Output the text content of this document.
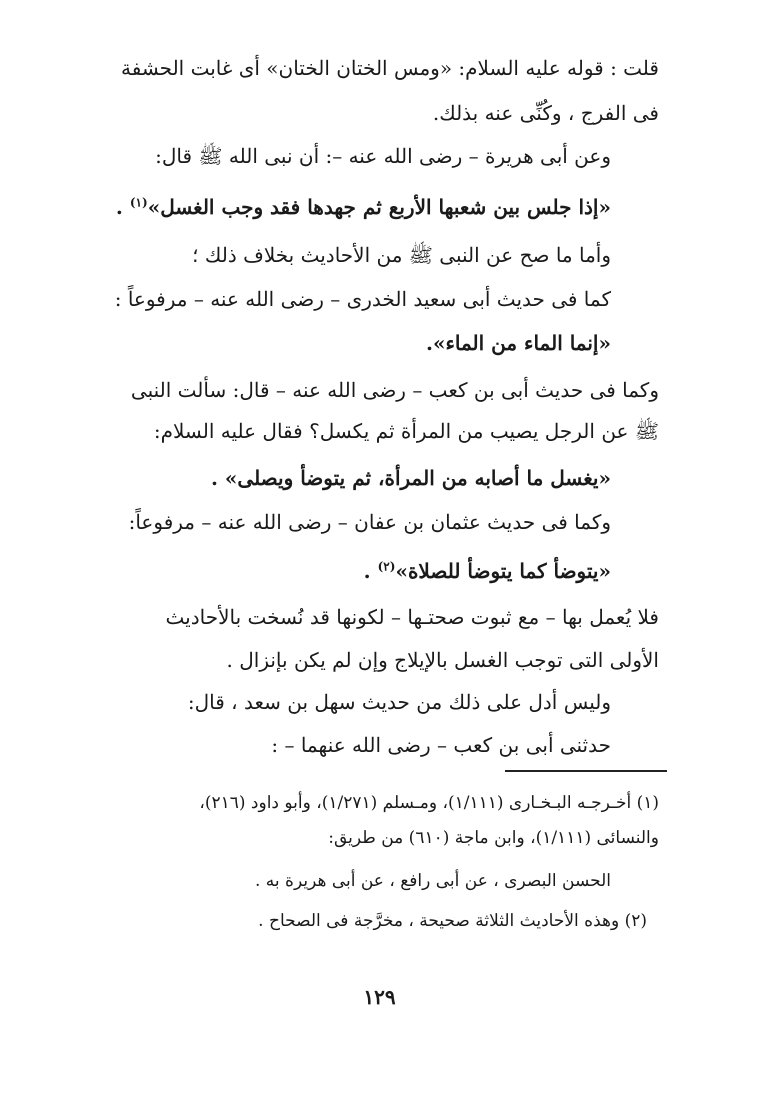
قلت : قوله عليه السلام: «ومس الختان الختان» أى غابت الحشفة
فى الفرج ، وكُنِّى عنه بذلك.
وعن أبى هريرة – رضى الله عنه –: أن نبى الله ﷺ قال:
«إذا جلس بين شعبها الأربع ثم جهدها فقد وجب الغسل»$^{(١)}$ .
وأما ما صح عن النبى ﷺ من الأحاديث بخلاف ذلك ؛
كما فى حديث أبى سعيد الخدرى – رضى الله عنه – مرفوعاً :
«إنما الماء من الماء».
وكما فى حديث أبى بن كعب – رضى الله عنه – قال: سألت النبى
ﷺ عن الرجل يصيب من المرأة ثم يكسل؟ فقال عليه السلام:
«يغسل ما أصابه من المرأة، ثم يتوضأ ويصلى» .
وكما فى حديث عثمان بن عفان – رضى الله عنه – مرفوعاً:
«يتوضأ كما يتوضأ للصلاة»$^{(٢)}$ .
فلا يُعمل بها – مع ثبوت صحتـها – لكونها قد نُسخت بالأحاديث
الأولى التى توجب الغسل بالإيلاج وإن لم يكن بإنزال .
وليس أدل على ذلك من حديث سهل بن سعد ، قال:
حدثنى أبى بن كعب – رضى الله عنهما – :
(١) أخـرجـه البـخـارى (١/١١١)، ومـسلم (١/٢٧١)، وأبو داود (٢١٦)،
والنسائى (١/١١١)، وابن ماجة (٦١٠) من طريق:
الحسن البصرى ، عن أبى رافع ، عن أبى هريرة به .
(٢) وهذه الأحاديث الثلاثة صحيحة ، مخرَّجة فى الصحاح .
١٢٩
